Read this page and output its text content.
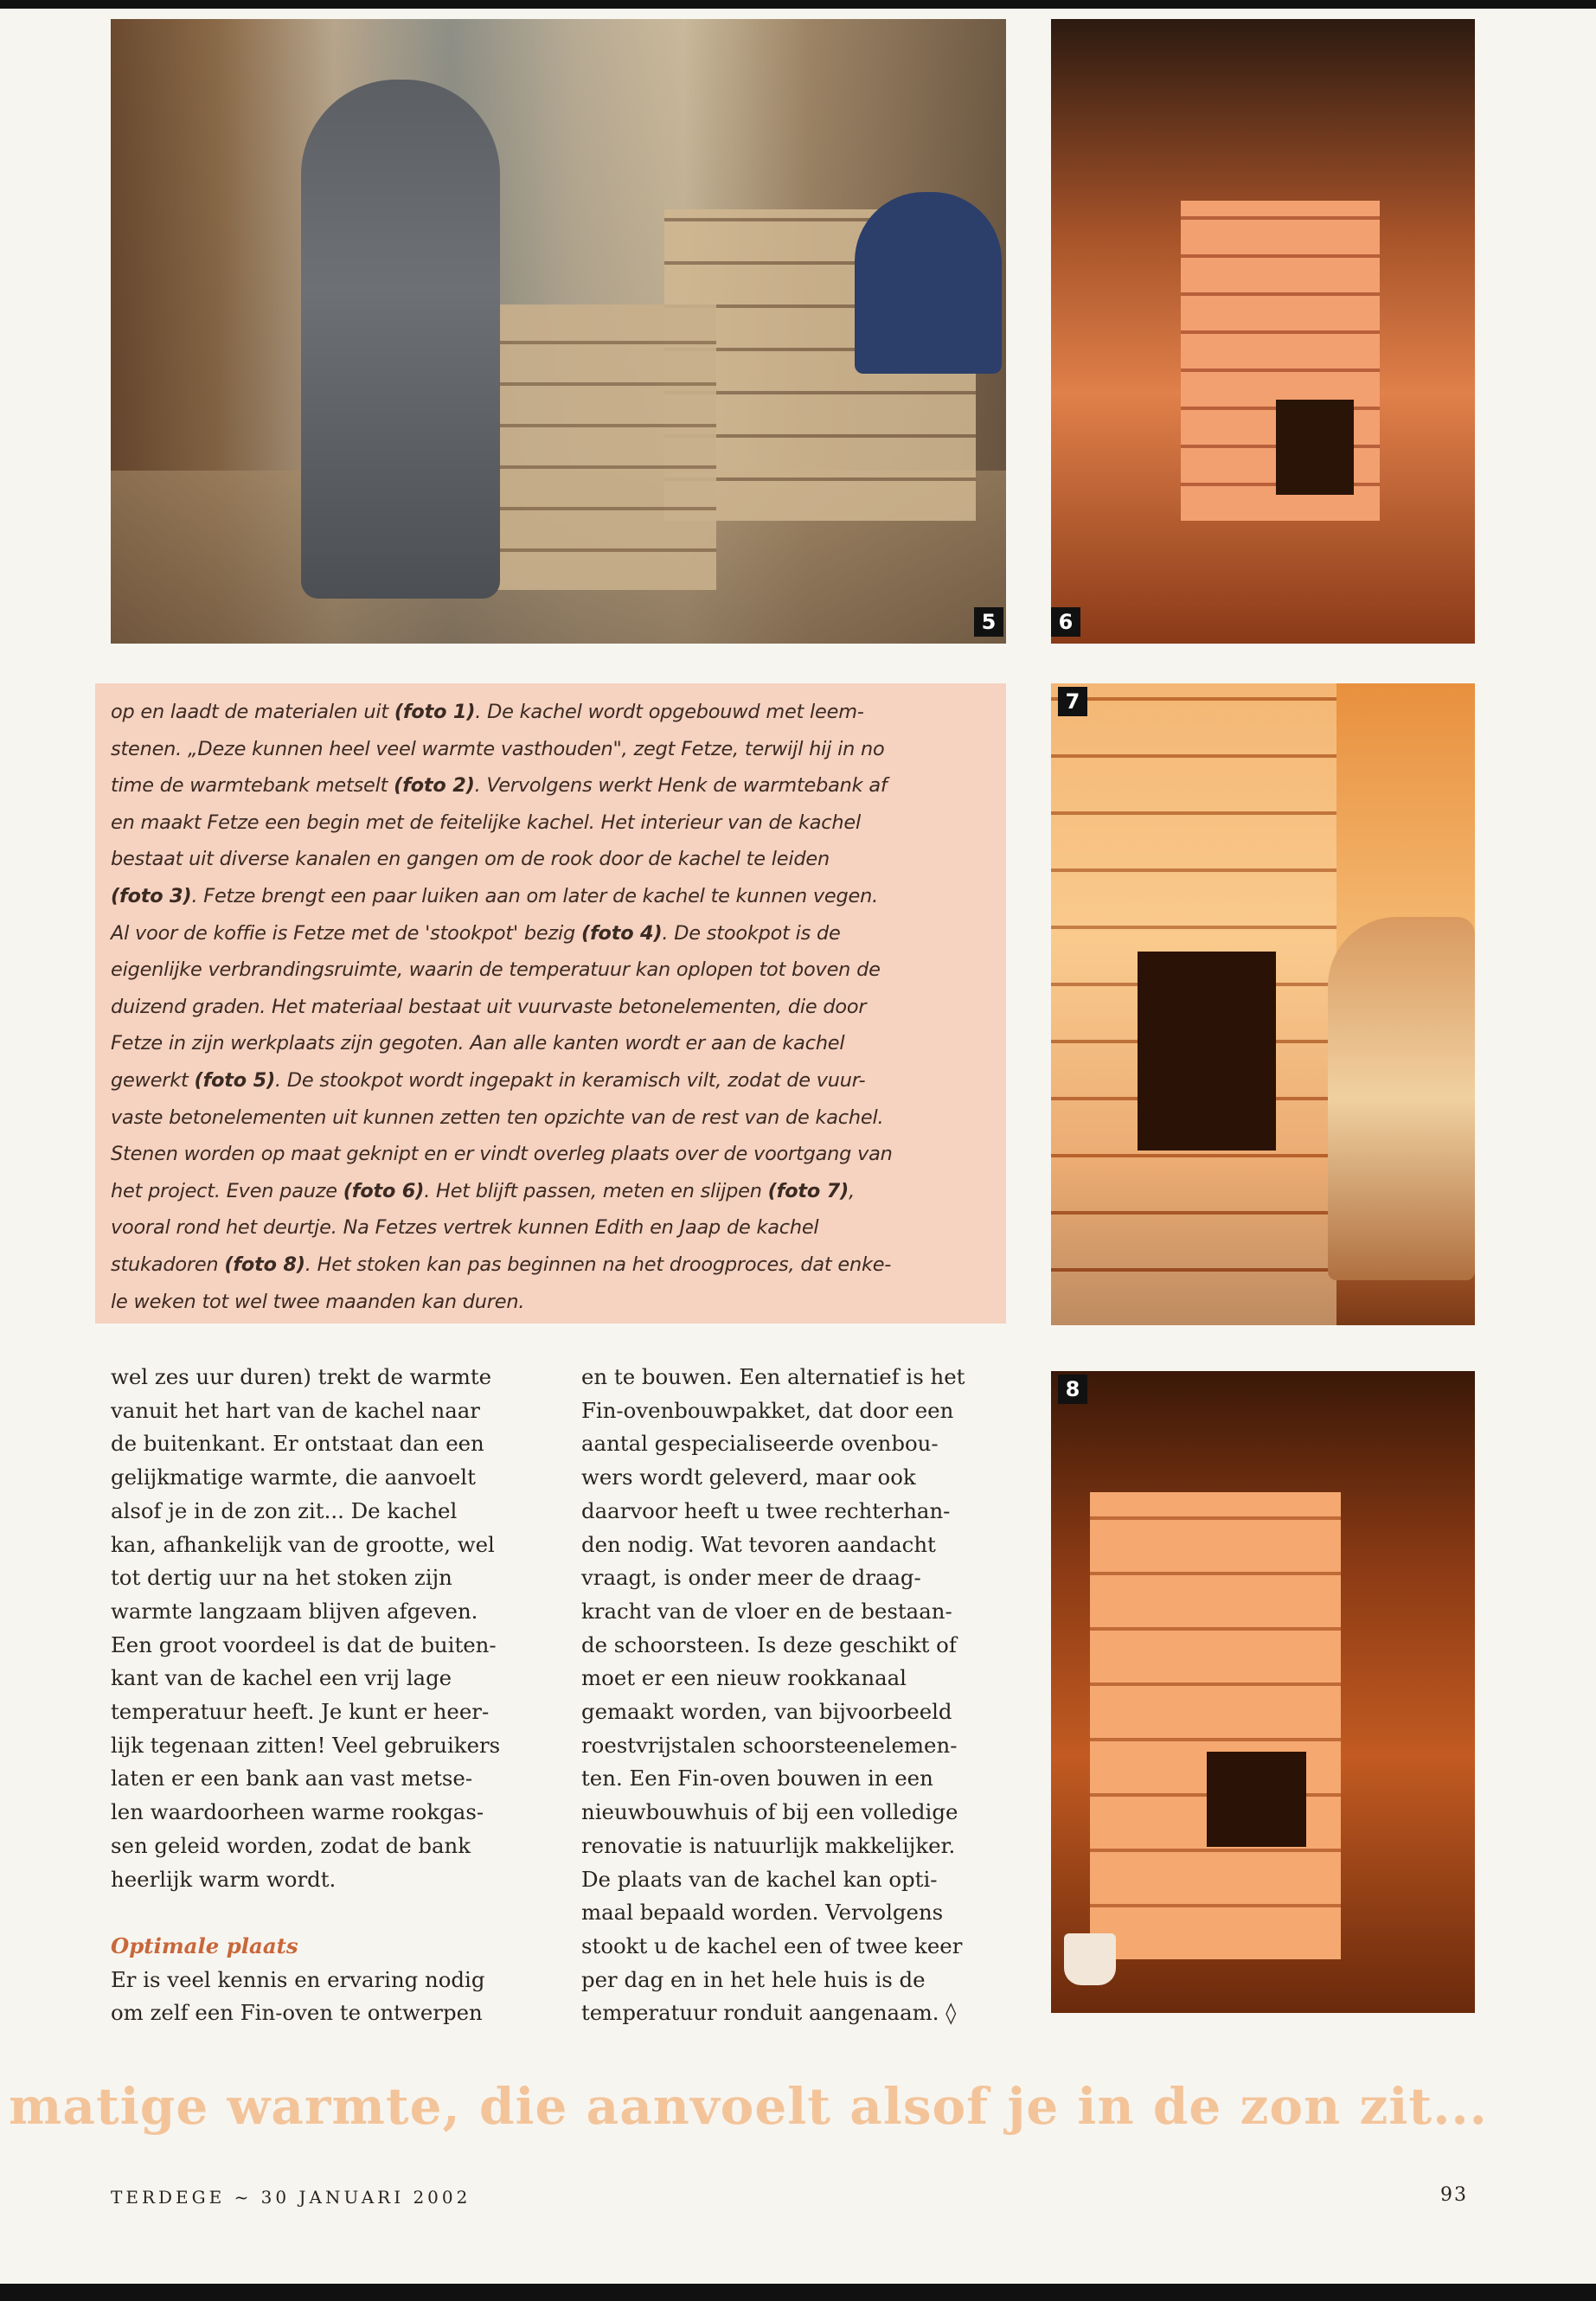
5	6

op en laadt de materialen uit (foto 1). De kachel wordt opgebouwd met leem-
stenen. „Deze kunnen heel veel warmte vasthouden", zegt Fetze, terwijl hij in no
time de warmtebank metselt (foto 2). Vervolgens werkt Henk de warmtebank af
en maakt Fetze een begin met de feitelijke kachel. Het interieur van de kachel
bestaat uit diverse kanalen en gangen om de rook door de kachel te leiden
(foto 3). Fetze brengt een paar luiken aan om later de kachel te kunnen vegen.
Al voor de koffie is Fetze met de 'stookpot' bezig (foto 4). De stookpot is de
eigenlijke verbrandingsruimte, waarin de temperatuur kan oplopen tot boven de
duizend graden. Het materiaal bestaat uit vuurvaste betonelementen, die door
Fetze in zijn werkplaats zijn gegoten. Aan alle kanten wordt er aan de kachel
gewerkt (foto 5). De stookpot wordt ingepakt in keramisch vilt, zodat de vuur-
vaste betonelementen uit kunnen zetten ten opzichte van de rest van de kachel.
Stenen worden op maat geknipt en er vindt overleg plaats over de voortgang van
het project. Even pauze (foto 6). Het blijft passen, meten en slijpen (foto 7),
vooral rond het deurtje. Na Fetzes vertrek kunnen Edith en Jaap de kachel
stukadoren (foto 8). Het stoken kan pas beginnen na het droogproces, dat enke-
le weken tot wel twee maanden kan duren.

7
8
wel zes uur duren) trekt de warmte
vanuit het hart van de kachel naar
de buitenkant. Er ontstaat dan een
gelijkmatige warmte, die aanvoelt
alsof je in de zon zit... De kachel
kan, afhankelijk van de grootte, wel
tot dertig uur na het stoken zijn
warmte langzaam blijven afgeven.
Een groot voordeel is dat de buiten-
kant van de kachel een vrij lage
temperatuur heeft. Je kunt er heer-
lijk tegenaan zitten! Veel gebruikers
laten er een bank aan vast metse-
len waardoorheen warme rookgas-
sen geleid worden, zodat de bank
heerlijk warm wordt.

Optimale plaats
Er is veel kennis en ervaring nodig
om zelf een Fin-oven te ontwerpen
en te bouwen. Een alternatief is het
Fin-ovenbouwpakket, dat door een
aantal gespecialiseerde ovenbou-
wers wordt geleverd, maar ook
daarvoor heeft u twee rechterhan-
den nodig. Wat tevoren aandacht
vraagt, is onder meer de draag-
kracht van de vloer en de bestaan-
de schoorsteen. Is deze geschikt of
moet er een nieuw rookkanaal
gemaakt worden, van bijvoorbeeld
roestvrijstalen schoorsteenelemen-
ten. Een Fin-oven bouwen in een
nieuwbouwhuis of bij een volledige
renovatie is natuurlijk makkelijker.
De plaats van de kachel kan opti-
maal bepaald worden. Vervolgens
stookt u de kachel een of twee keer
per dag en in het hele huis is de
temperatuur ronduit aangenaam. ◊
matige warmte, die aanvoelt alsof je in de zon zit...
TERDEGE ~ 30 JANUARI 2002	93
